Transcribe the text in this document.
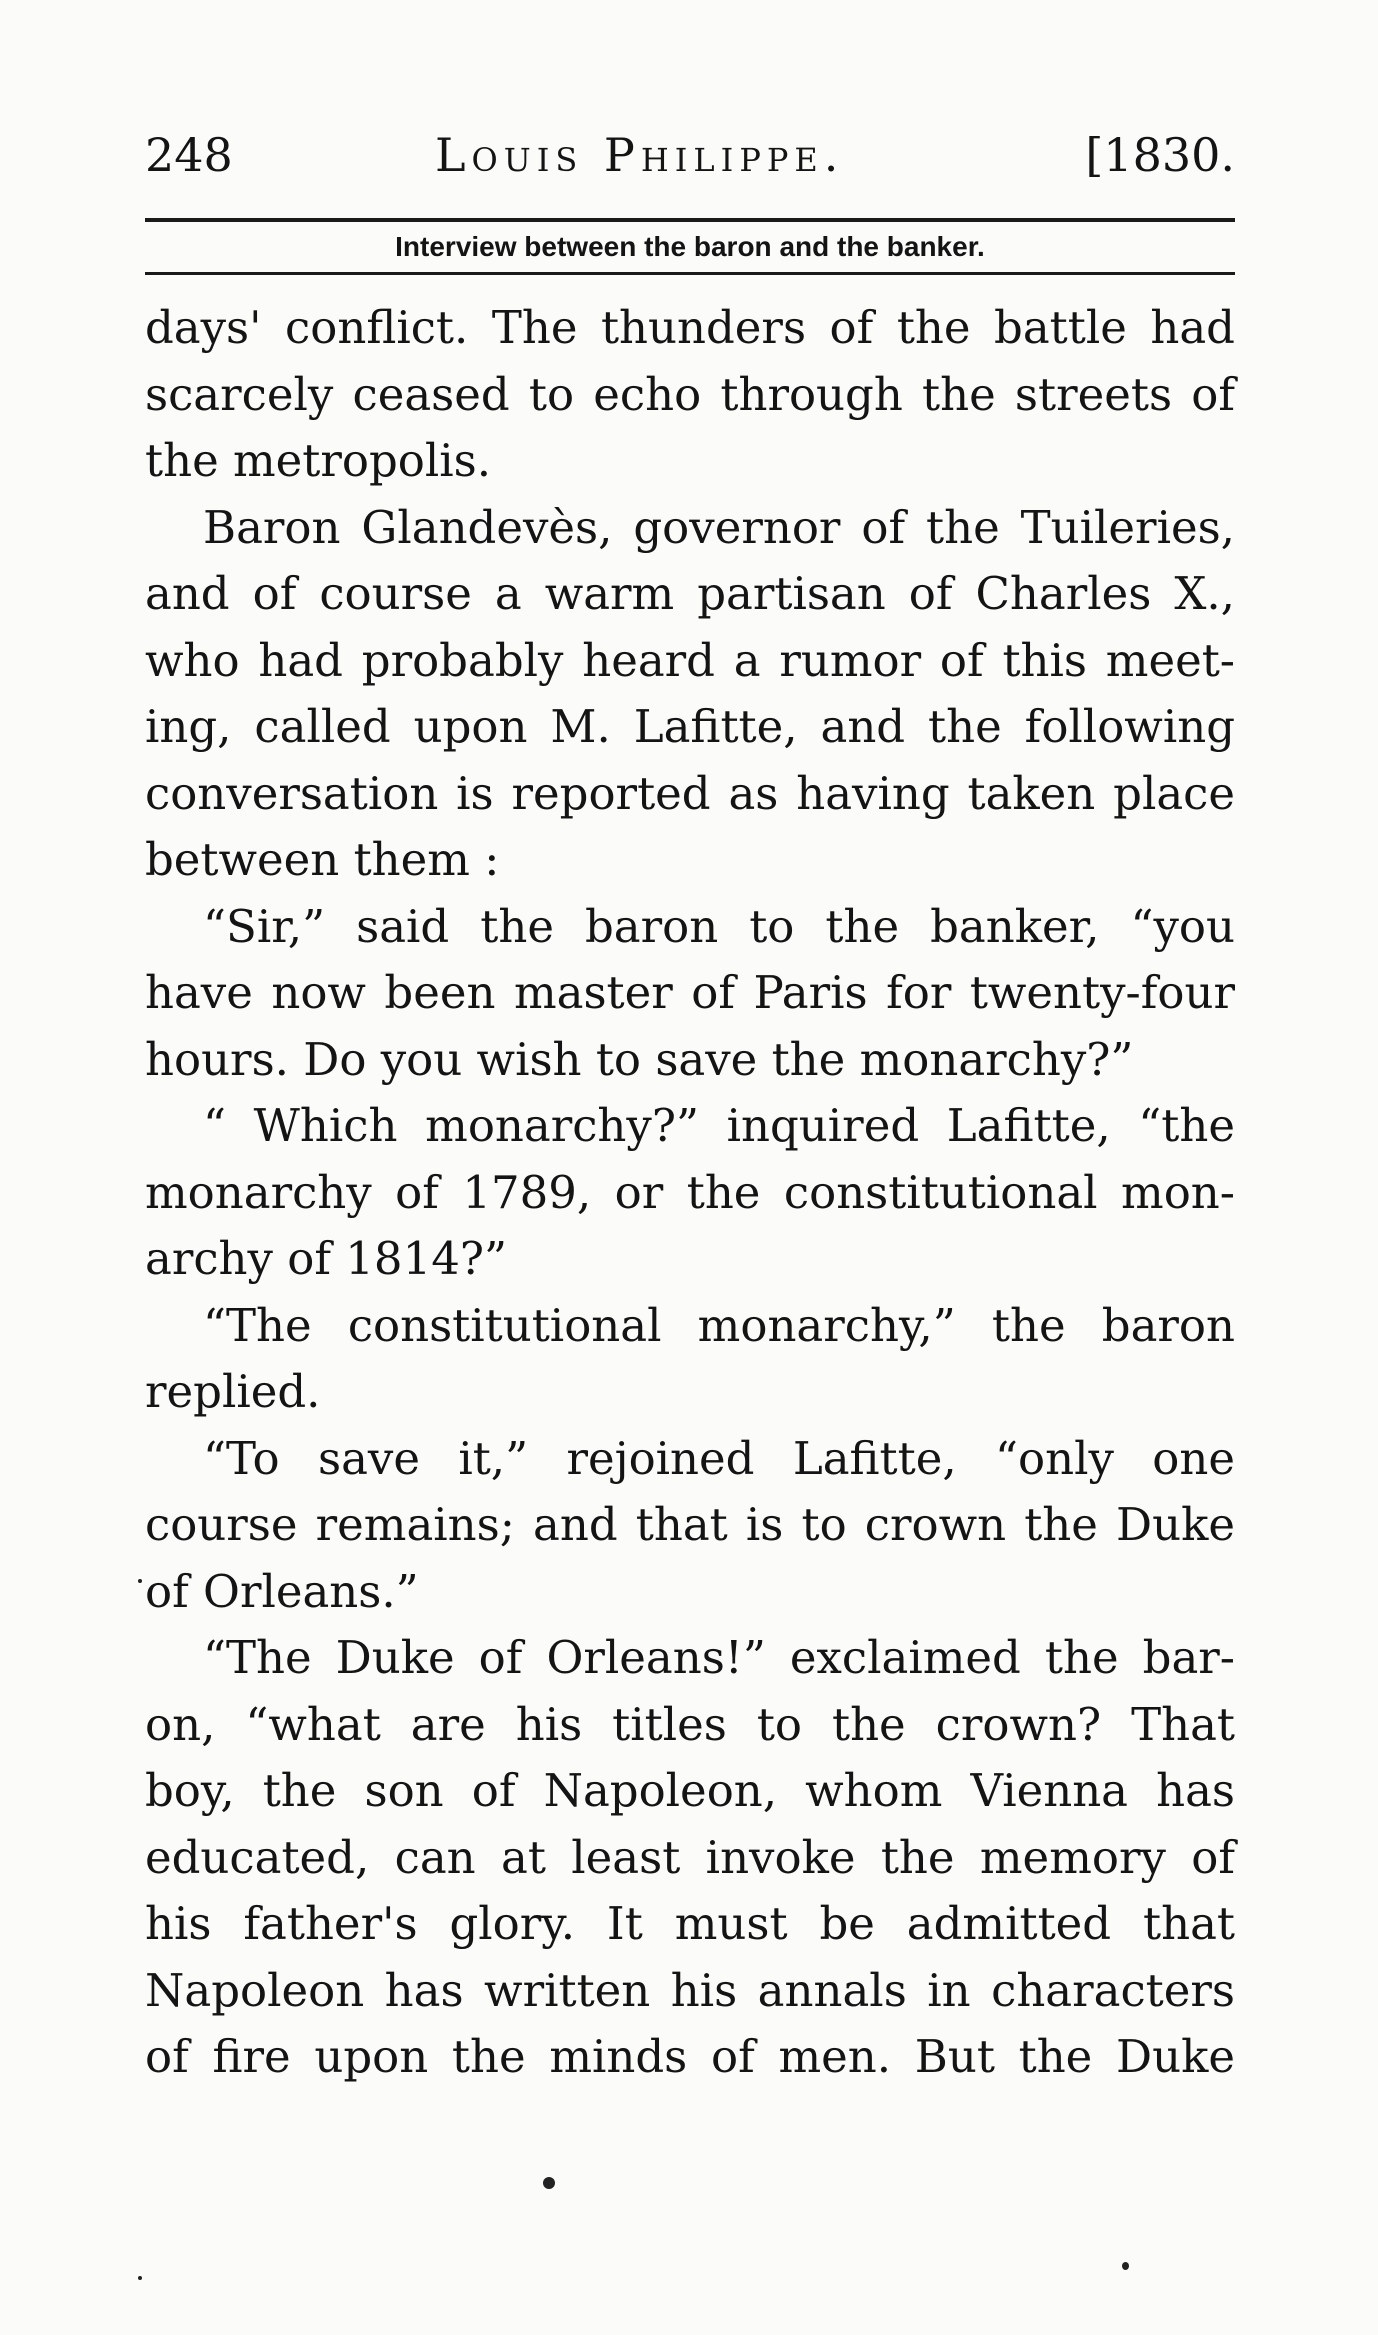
248	Louis Philippe.	[1830.
Interview between the baron and the banker.
days' conflict. The thunders of the battle had
scarcely ceased to echo through the streets of
the metropolis.
Baron Glandevès, governor of the Tuileries,
and of course a warm partisan of Charles X.,
who had probably heard a rumor of this meet-
ing, called upon M. Lafitte, and the following
conversation is reported as having taken place
between them :
“Sir,” said the baron to the banker, “you
have now been master of Paris for twenty-four
hours. Do you wish to save the monarchy?”
“ Which monarchy?” inquired Lafitte, “the
monarchy of 1789, or the constitutional mon-
archy of 1814?”
“The constitutional monarchy,” the baron
replied.
“To save it,” rejoined Lafitte, “only one
course remains; and that is to crown the Duke
of Orleans.”
“The Duke of Orleans!” exclaimed the bar-
on, “what are his titles to the crown? That
boy, the son of Napoleon, whom Vienna has
educated, can at least invoke the memory of
his father's glory. It must be admitted that
Napoleon has written his annals in characters
of fire upon the minds of men. But the Duke
